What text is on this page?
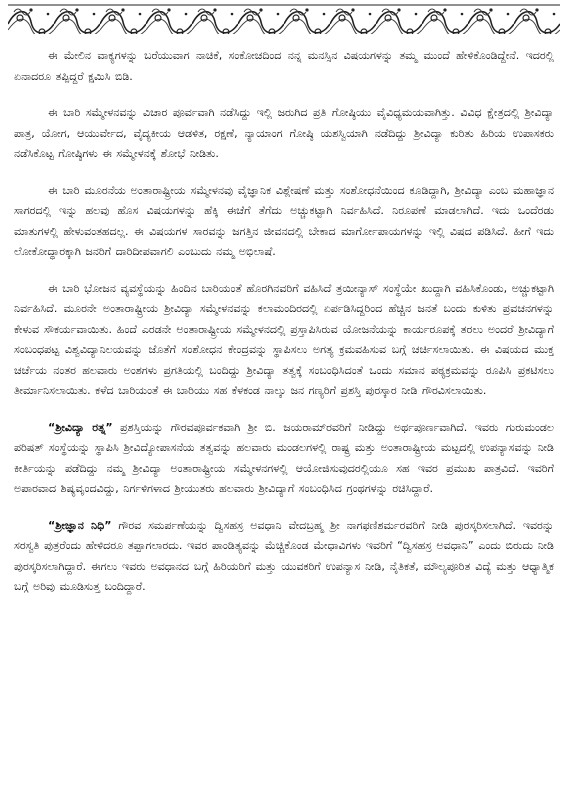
ಈ ಮೇಲಿನ ವಾಕ್ಯಗಳನ್ನು ಬರೆಯುವಾಗ ನಾಚಿಕೆ, ಸಂಕೋಚದಿಂದ ನನ್ನ ಮನಸ್ಸಿನ ವಿಷಯಗಳನ್ನು ತಮ್ಮ ಮುಂದೆ ಹೇಳಿಕೊಂಡಿದ್ದೇನೆ. ಇದರಲ್ಲಿ ಏನಾದರೂ ತಪ್ಪಿದ್ದರೆ ಕ್ಷಮಿಸಿ ಬಿಡಿ.

ಈ ಬಾರಿ ಸಮ್ಮೇಳನವನ್ನು ವಿಚಾರ ಪೂರ್ವವಾಗಿ ನಡೆಸಿದ್ದು ಇಲ್ಲಿ ಜರುಗಿದ ಪ್ರತಿ ಗೋಷ್ಠಿಯು ವೈವಿಧ್ಯಮಯವಾಗಿತ್ತು. ವಿವಿಧ ಕ್ಷೇತ್ರದಲ್ಲಿ ಶ್ರೀವಿದ್ಯಾ ಪಾತ್ರ, ಯೋಗ, ಆಯುರ್ವೇದ, ವೈದ್ಯಕೀಯ ಆಡಳಿತ, ರಕ್ಷಣೆ, ನ್ಯಾಯಾಂಗ ಗೋಷ್ಠಿ ಯಶಸ್ವಿಯಾಗಿ ನಡೆದಿದ್ದು ಶ್ರೀವಿದ್ಯಾ ಕುರಿತು ಹಿರಿಯ ಉಪಾಸಕರು ನಡೆಸಿಕೊಟ್ಟ ಗೋಷ್ಠಿಗಳು ಈ ಸಮ್ಮೇಳನಕ್ಕೆ ಶೋಭೆ ನೀಡಿತು.

ಈ ಬಾರಿ ಮೂರನೆಯ ಅಂತಾರಾಷ್ಟ್ರೀಯ ಸಮ್ಮೇಳನವು ವೈಜ್ಞಾನಿಕ ವಿಶ್ಲೇಷಣೆ ಮತ್ತು ಸಂಶೋಧನೆಯಿಂದ ಕೂಡಿದ್ದಾಗಿ, ಶ್ರೀವಿದ್ಯಾ ಎಂಬ ಮಹಾಜ್ಞಾನ ಸಾಗರದಲ್ಲಿ ಇನ್ನು ಹಲವು ಹೊಸ ವಿಷಯಗಳನ್ನು ಹೆಕ್ಕಿ ಈಚೆಗೆ ತೆಗೆದು ಅಚ್ಚುಕಟ್ಟಾಗಿ ನಿರ್ವಹಿಸಿದೆ. ನಿರೂಪಣೆ ಮಾಡಲಾಗಿದೆ. ಇದು ಒಂದೆರಡು ಮಾತುಗಳಲ್ಲಿ ಹೇಳುವಂತಹದಲ್ಲ. ಈ ವಿಷಯಗಳ ಸಾರವನ್ನು ಜಗತ್ತಿನ ಜೀವನದಲ್ಲಿ ಬೇಕಾದ ಮಾರ್ಗೋಪಾಯಗಳನ್ನು ಇಲ್ಲಿ ವಿಷದ ಪಡಿಸಿದೆ. ಹೀಗೆ ಇದು ಲೋಕೋದ್ಧಾರಕ್ಕಾಗಿ ಜನರಿಗೆ ದಾರಿದೀಪವಾಗಲಿ ಎಂಬುದು ನಮ್ಮ ಅಭಿಲಾಷೆ.

ಈ ಬಾರಿ ಭೋಜನ ವ್ಯವಸ್ಥೆಯನ್ನು ಹಿಂದಿನ ಬಾರಿಯಂತೆ ಹೊರಗಿನವರಿಗೆ ವಹಿಸಿದೆ ತ್ರಯೀನ್ಯಾಸ್ ಸಂಸ್ಥೆಯೇ ಖುದ್ದಾಗಿ ವಹಿಸಿಕೊಂಡು, ಅಚ್ಚುಕಟ್ಟಾಗಿ ನಿರ್ವಹಿಸಿದೆ. ಮೂರನೇ ಅಂತಾರಾಷ್ಟ್ರೀಯ ಶ್ರೀವಿದ್ಯಾ ಸಮ್ಮೇಳನವನ್ನು ಕಲಾಮಂದಿರದಲ್ಲಿ ಏರ್ಪಡಿಸಿದ್ದರಿಂದ ಹೆಚ್ಚಿನ ಜನತೆ ಬಂದು ಕುಳಿತು ಪ್ರವಚನಗಳನ್ನು ಕೇಳುವ ಸೌಕರ್ಯವಾಯಿತು. ಹಿಂದೆ ಎರಡನೇ ಅಂತಾರಾಷ್ಟ್ರೀಯ ಸಮ್ಮೇಳನದಲ್ಲಿ ಪ್ರಸ್ತಾಪಿಸಿರುವ ಯೋಜನೆಯನ್ನು ಕಾರ್ಯರೂಪಕ್ಕೆ ತರಲು ಅಂದರೆ ಶ್ರೀವಿದ್ಯಾಗೆ ಸಂಬಂಧಪಟ್ಟ ವಿಶ್ವವಿದ್ಯಾನಿಲಯವನ್ನು ಜೊತೆಗೆ ಸಂಶೋಧನ ಕೇಂದ್ರವನ್ನು ಸ್ಥಾಪಿಸಲು ಅಗತ್ಯ ಕ್ರಮವಹಿಸುವ ಬಗ್ಗೆ ಚರ್ಚಿಸಲಾಯಿತು. ಈ ವಿಷಯದ ಮುಕ್ತ ಚರ್ಚೆಯ ನಂತರ ಹಲವಾರು ಅಂಶಗಳು ಪ್ರಗತಿಯಲ್ಲಿ ಬಂದಿದ್ದು ಶ್ರೀವಿದ್ಯಾ ತತ್ವಕ್ಕೆ ಸಂಬಂಧಿಸಿದಂತೆ ಒಂದು ಸಮಾನ ಪಠ್ಯಕ್ರಮವನ್ನು ರೂಪಿಸಿ ಪ್ರಕಟಿಸಲು ತೀರ್ಮಾನಿಸಲಾಯಿತು. ಕಳೆದ ಬಾರಿಯಂತೆ ಈ ಬಾರಿಯು ಸಹ ಕೆಳಕಂಡ ನಾಲ್ಕು ಜನ ಗಣ್ಯರಿಗೆ ಪ್ರಶಸ್ತಿ ಪುರಸ್ಕಾರ ನೀಡಿ ಗೌರವಿಸಲಾಯಿತು.

“ಶ್ರೀವಿದ್ಯಾ ರತ್ನ” ಪ್ರಶಸ್ತಿಯನ್ನು ಗೌರವಪೂರ್ವಕವಾಗಿ ಶ್ರೀ ಬಿ. ಜಯರಾಮ್‌ರವರಿಗೆ ನೀಡಿದ್ದು ಅರ್ಥಪೂರ್ಣವಾಗಿದೆ. ಇವರು ಗುರುಮಂಡಲ ಪರಿಷತ್ ಸಂಸ್ಥೆಯನ್ನು ಸ್ಥಾಪಿಸಿ ಶ್ರೀವಿದ್ಯೋಪಾಸನೆಯ ತತ್ವವನ್ನು ಹಲವಾರು ಮಂಡಲಗಳಲ್ಲಿ ರಾಷ್ಟ್ರ ಮತ್ತು ಅಂತಾರಾಷ್ಟ್ರೀಯ ಮಟ್ಟದಲ್ಲಿ ಉಪನ್ಯಾಸವನ್ನು ನೀಡಿ ಕೀರ್ತಿಯನ್ನು ಪಡೆದಿದ್ದು ನಮ್ಮ ಶ್ರೀವಿದ್ಯಾ ಅಂತಾರಾಷ್ಟ್ರೀಯ ಸಮ್ಮೇಳನಗಳಲ್ಲಿ ಆಯೋಜಿಸುವುದರಲ್ಲಿಯೂ ಸಹ ಇವರ ಪ್ರಮುಖ ಪಾತ್ರವಿದೆ. ಇವರಿಗೆ ಅಪಾರವಾದ ಶಿಷ್ಯವೃಂದವಿದ್ದು, ನಿರ್ಗಳಿಗಳಾದ ಶ್ರೀಯುತರು ಹಲವಾರು ಶ್ರೀವಿದ್ಯಾಗೆ ಸಂಬಂಧಿಸಿದ ಗ್ರಂಥಗಳನ್ನು ರಚಿಸಿದ್ದಾರೆ.

“ಶ್ರೀಜ್ಞಾನ ನಿಧಿ” ಗೌರವ ಸಮರ್ಪಣೆಯನ್ನು ದ್ವಿಸಹಸ್ರ ಅವಧಾನಿ ವೇದಬ್ರಹ್ಮ ಶ್ರೀ ನಾಗಫಣಿಶರ್ಮರವರಿಗೆ ನೀಡಿ ಪುರಸ್ಕರಿಸಲಾಗಿದೆ. ಇವರನ್ನು ಸರಸ್ವತಿ ಪುತ್ರರೆಂದು ಹೇಳಿದರೂ ತಪ್ಪಾಗಲಾರದು. ಇವರ ಪಾಂಡಿತ್ಯವನ್ನು ಮೆಚ್ಚಿಕೊಂಡ ಮೇಧಾವಿಗಳು ಇವರಿಗೆ “ದ್ವಿಸಹಸ್ರ ಅವಧಾನಿ” ಎಂದು ಬಿರುದು ನೀಡಿ ಪುರಸ್ಕರಿಸಲಾಗಿದ್ದಾರೆ. ಈಗಲು ಇವರು ಅವಧಾನದ ಬಗ್ಗೆ ಹಿರಿಯರಿಗೆ ಮತ್ತು ಯುವಕರಿಗೆ ಉಪನ್ಯಾಸ ನೀಡಿ, ನೈತಿಕತೆ, ಮೌಲ್ಯಪೂರಿತ ವಿದ್ಯೆ ಮತ್ತು ಆಧ್ಯಾತ್ಮಿಕ ಬಗ್ಗೆ ಅರಿವು ಮೂಡಿಸುತ್ತ ಬಂದಿದ್ದಾರೆ.
